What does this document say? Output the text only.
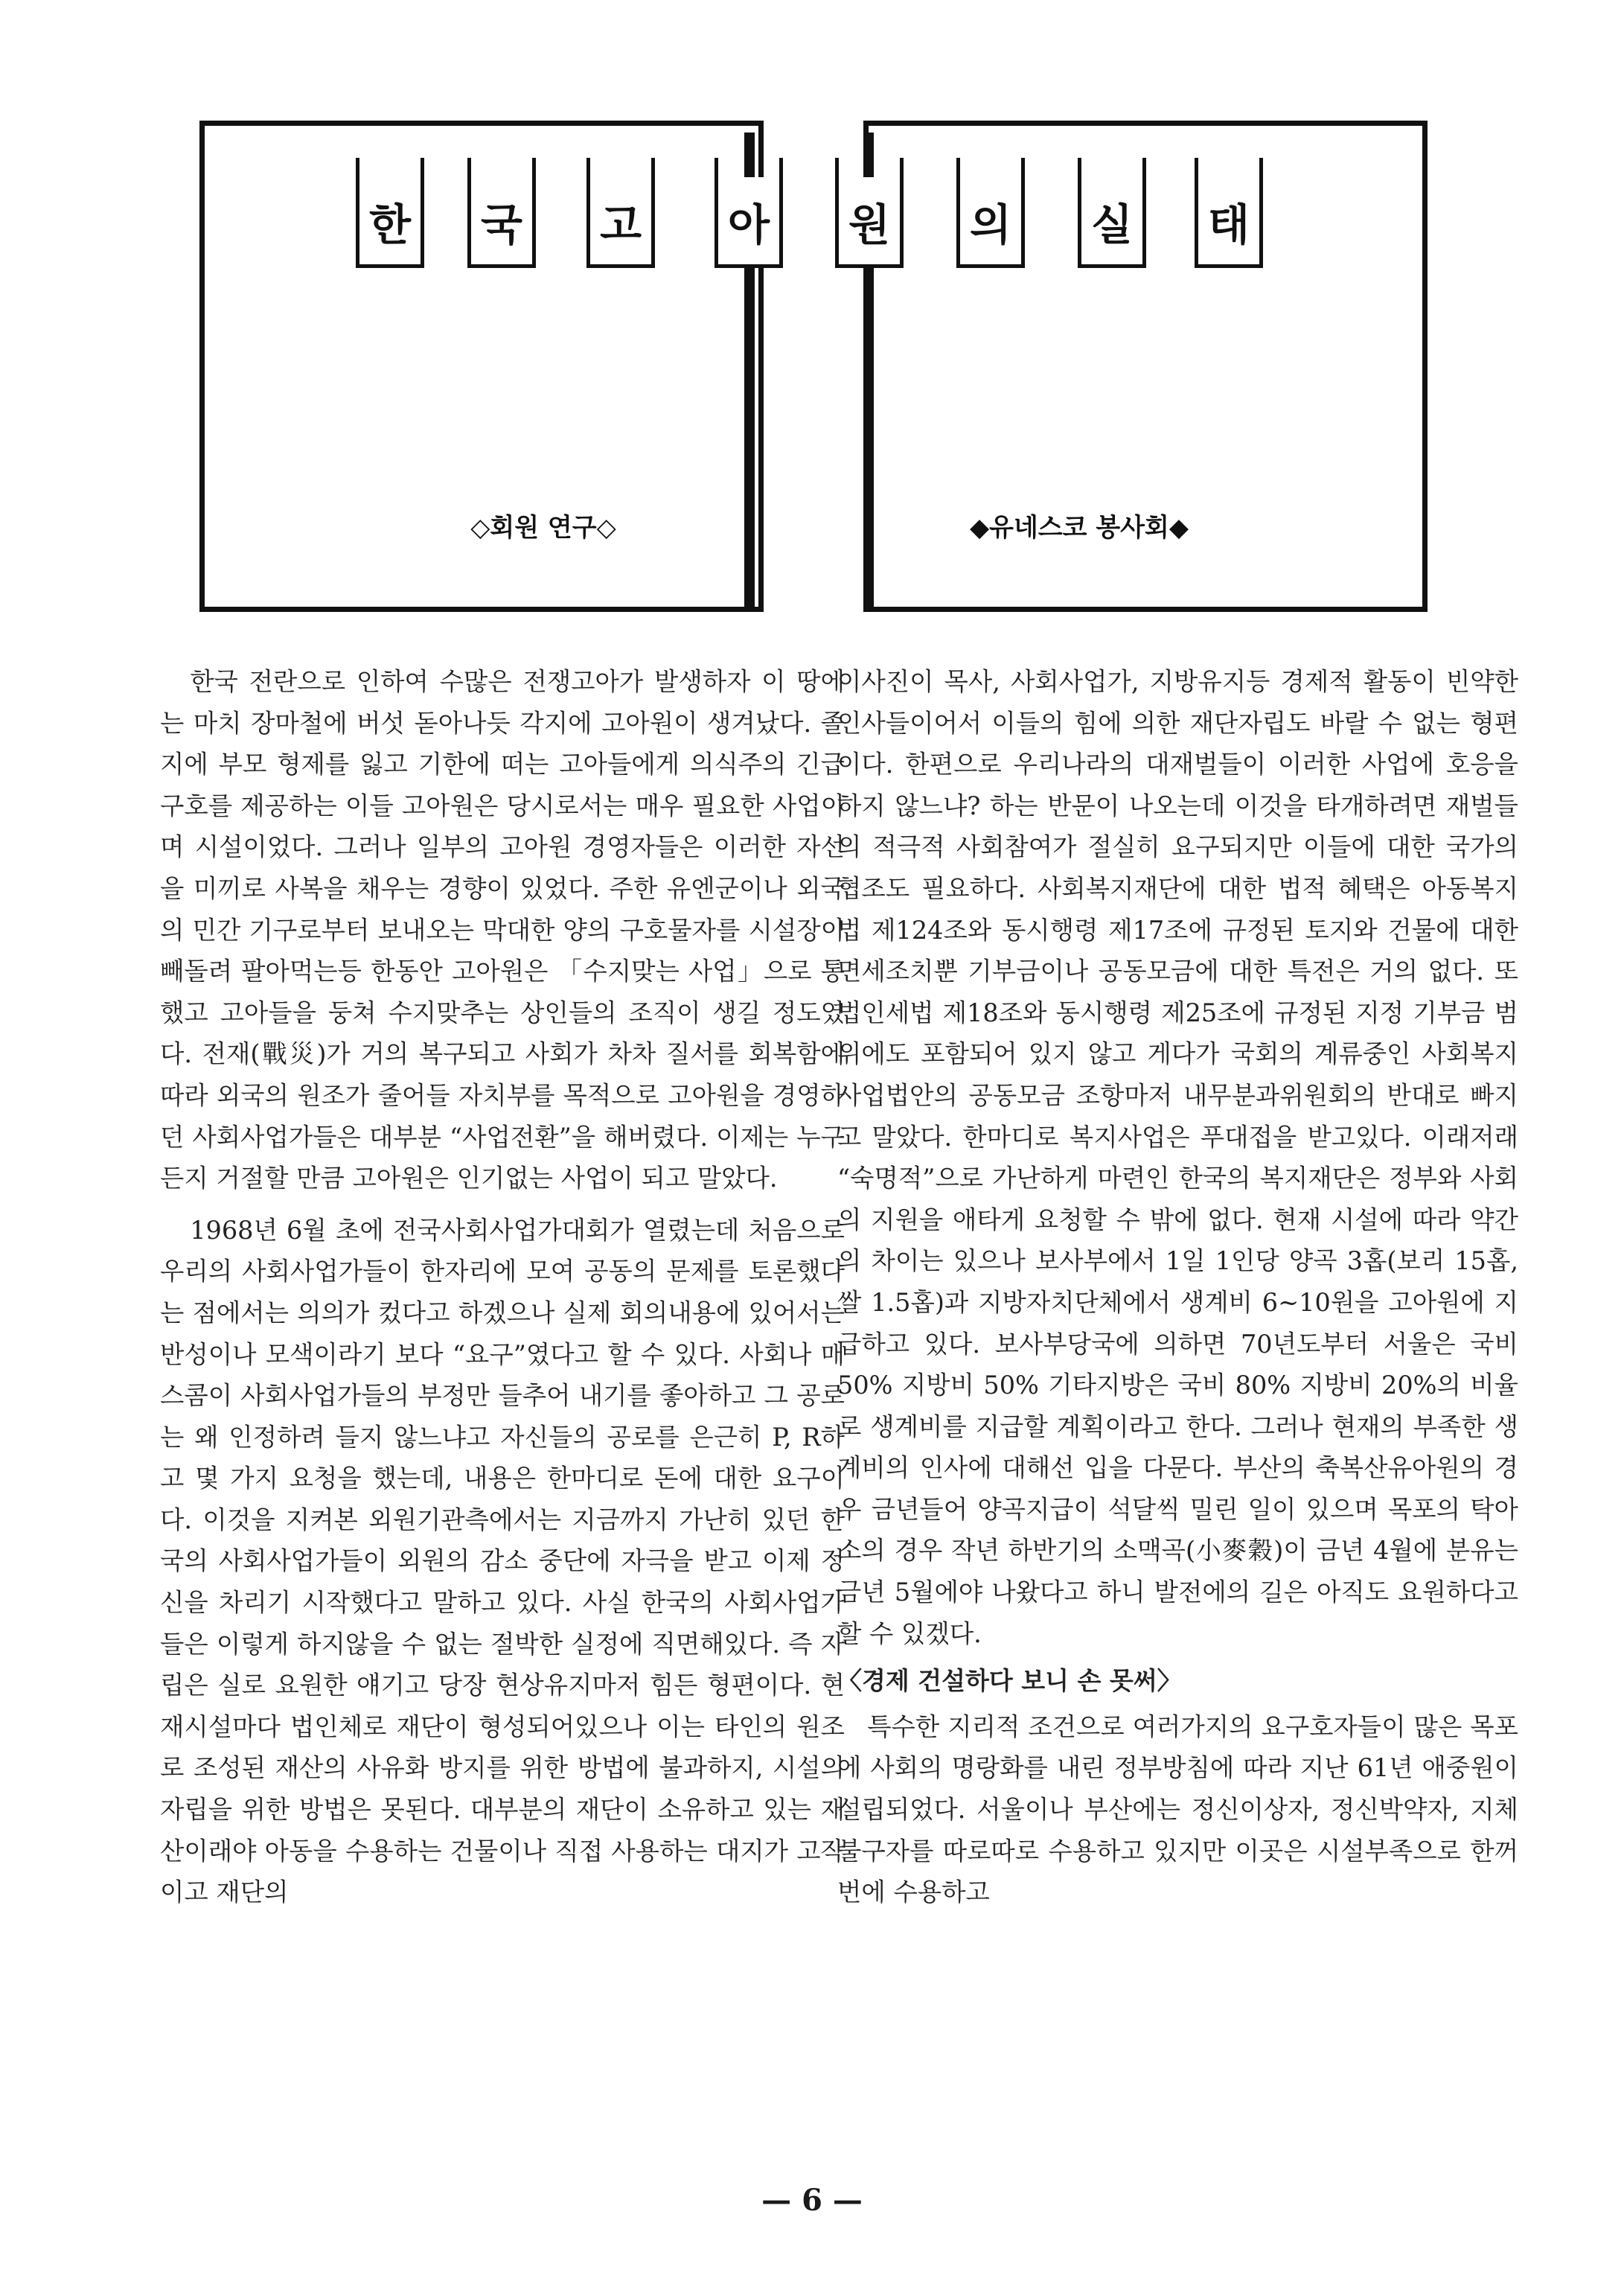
한	국	고	아	원	의	실	태
◇회원 연구◇	◆유네스코 봉사회◆

한국 전란으로 인하여 수많은 전쟁고아가 발생하자 이 땅에는 마치 장마철에 버섯 돋아나듯 각지에 고아원이 생겨났다. 졸지에 부모 형제를 잃고 기한에 떠는 고아들에게 의식주의 긴급 구호를 제공하는 이들 고아원은 당시로서는 매우 필요한 사업이며 시설이었다. 그러나 일부의 고아원 경영자들은 이러한 자선을 미끼로 사복을 채우는 경향이 있었다. 주한 유엔군이나 외국의 민간 기구로부터 보내오는 막대한 양의 구호물자를 시설장이 빼돌려 팔아먹는등 한동안 고아원은 「수지맞는 사업」으로 통했고 고아들을 둥쳐 수지맞추는 상인들의 조직이 생길 정도였다. 전재(戰災)가 거의 복구되고 사회가 차차 질서를 회복함에 따라 외국의 원조가 줄어들 자치부를 목적으로 고아원을 경영하던 사회사업가들은 대부분 “사업전환”을 해버렸다. 이제는 누구든지 거절할 만큼 고아원은 인기없는 사업이 되고 말았다.

1968년 6월 초에 전국사회사업가대회가 열렸는데 처음으로 우리의 사회사업가들이 한자리에 모여 공동의 문제를 토론했다는 점에서는 의의가 컸다고 하겠으나 실제 회의내용에 있어서는 반성이나 모색이라기 보다 “요구”였다고 할 수 있다. 사회나 매스콤이 사회사업가들의 부정만 들추어 내기를 좋아하고 그 공로는 왜 인정하려 들지 않느냐고 자신들의 공로를 은근히 P, R하고 몇 가지 요청을 했는데, 내용은 한마디로 돈에 대한 요구이다. 이것을 지켜본 외원기관측에서는 지금까지 가난히 있던 한국의 사회사업가들이 외원의 감소 중단에 자극을 받고 이제 정신을 차리기 시작했다고 말하고 있다. 사실 한국의 사회사업가들은 이렇게 하지않을 수 없는 절박한 실정에 직면해있다. 즉 자립은 실로 요원한 얘기고 당장 현상유지마저 힘든 형편이다. 현재시설마다 법인체로 재단이 형성되어있으나 이는 타인의 원조로 조성된 재산의 사유화 방지를 위한 방법에 불과하지, 시설의 자립을 위한 방법은 못된다. 대부분의 재단이 소유하고 있는 재산이래야 아동을 수용하는 건물이나 직접 사용하는 대지가 고작이고 재단의

이사진이 목사, 사회사업가, 지방유지등 경제적 활동이 빈약한 인사들이어서 이들의 힘에 의한 재단자립도 바랄 수 없는 형편이다. 한편으로 우리나라의 대재벌들이 이러한 사업에 호응을 하지 않느냐? 하는 반문이 나오는데 이것을 타개하려면 재벌들의 적극적 사회참여가 절실히 요구되지만 이들에 대한 국가의 협조도 필요하다. 사회복지재단에 대한 법적 혜택은 아동복지법 제124조와 동시행령 제17조에 규정된 토지와 건물에 대한 면세조치뿐 기부금이나 공동모금에 대한 특전은 거의 없다. 또 법인세법 제18조와 동시행령 제25조에 규정된 지정 기부금 범위에도 포함되어 있지 않고 게다가 국회의 계류중인 사회복지사업법안의 공동모금 조항마저 내무분과위원회의 반대로 빠지고 말았다. 한마디로 복지사업은 푸대접을 받고있다. 이래저래 “숙명적”으로 가난하게 마련인 한국의 복지재단은 정부와 사회의 지원을 애타게 요청할 수 밖에 없다. 현재 시설에 따라 약간의 차이는 있으나 보사부에서 1일 1인당 양곡 3홉(보리 15홉, 쌀 1.5홉)과 지방자치단체에서 생계비 6~10원을 고아원에 지급하고 있다. 보사부당국에 의하면 70년도부터 서울은 국비 50% 지방비 50% 기타지방은 국비 80% 지방비 20%의 비율로 생계비를 지급할 계획이라고 한다. 그러나 현재의 부족한 생계비의 인사에 대해선 입을 다문다. 부산의 축복산유아원의 경우 금년들어 양곡지급이 석달씩 밀린 일이 있으며 목포의 탁아소의 경우 작년 하반기의 소맥곡(小麥穀)이 금년 4월에 분유는 금년 5월에야 나왔다고 하니 발전에의 길은 아직도 요원하다고 할 수 있겠다.

〈경제 건설하다 보니 손 못써〉

특수한 지리적 조건으로 여러가지의 요구호자들이 많은 목포에 사회의 명랑화를 내린 정부방침에 따라 지난 61년 애중원이 설립되었다. 서울이나 부산에는 정신이상자, 정신박약자, 지체불구자를 따로따로 수용하고 있지만 이곳은 시설부족으로 한꺼번에 수용하고

— 6 —
